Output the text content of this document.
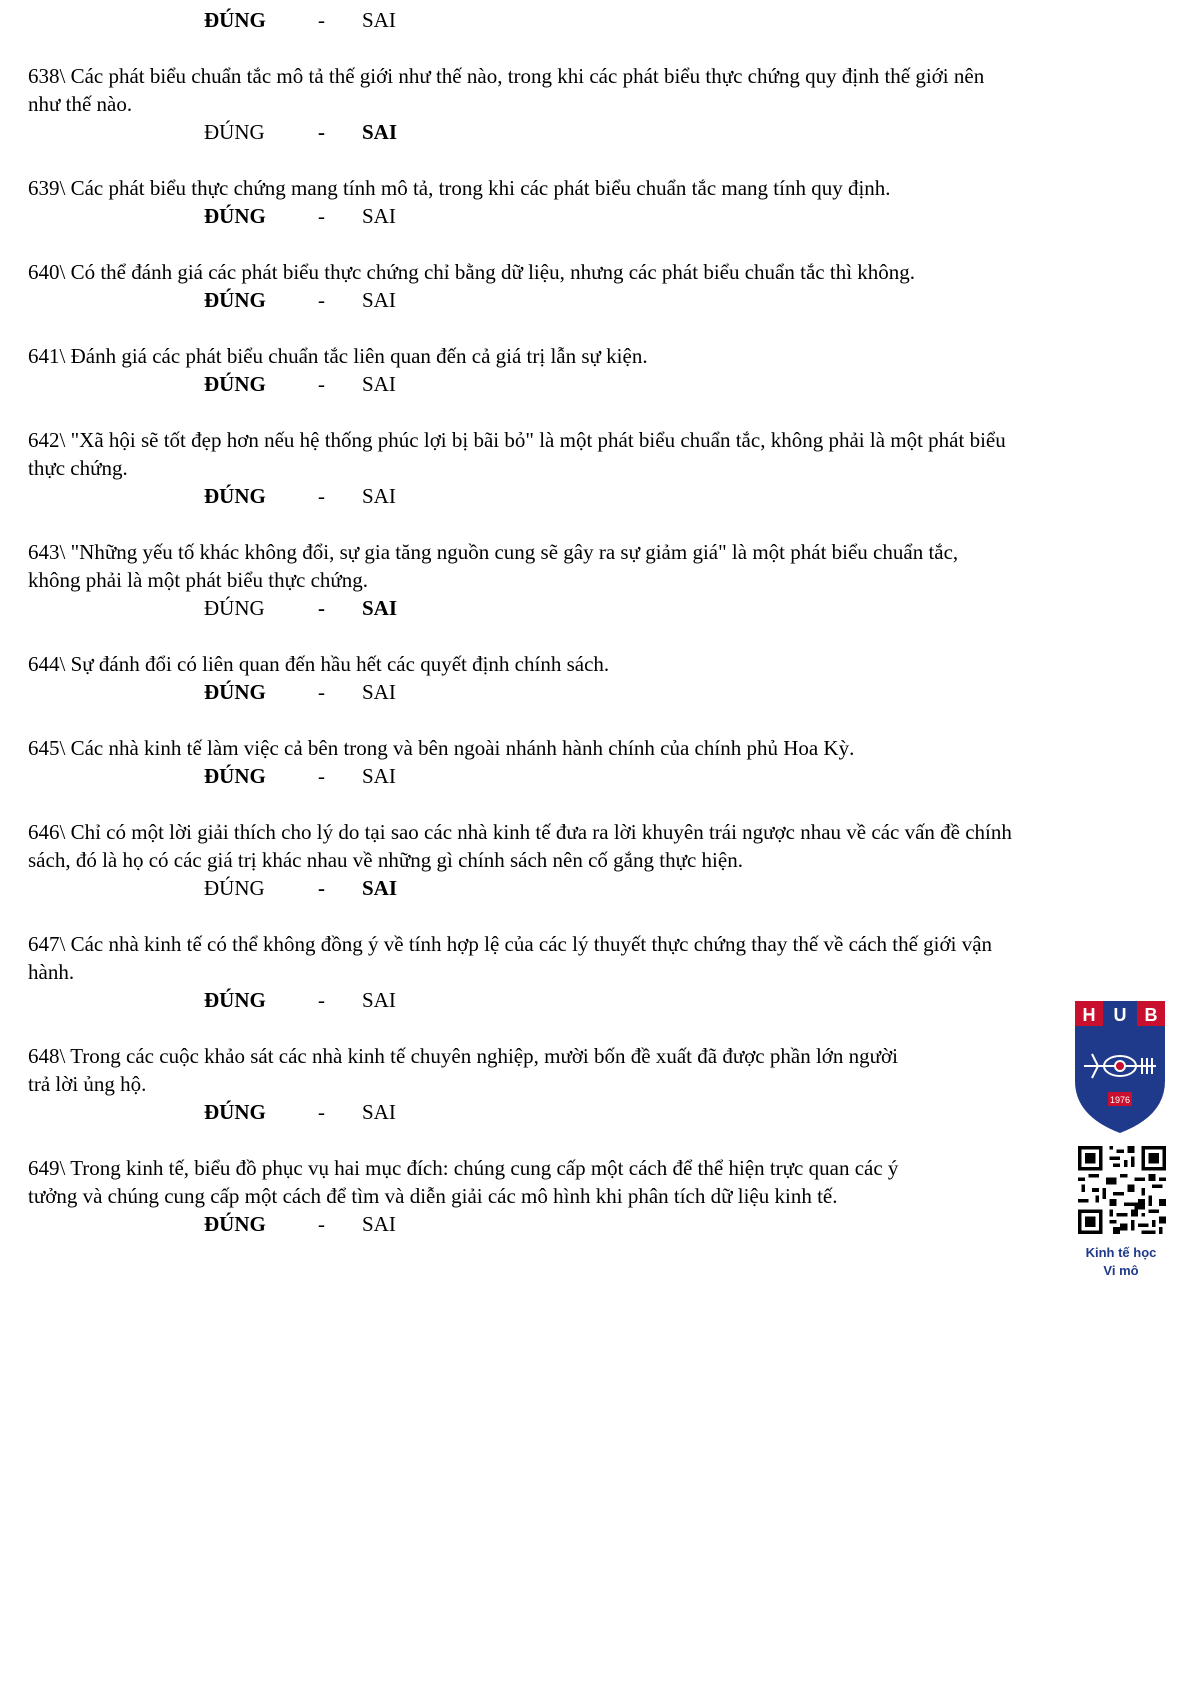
ĐÚNG - SAI
638\ Các phát biểu chuẩn tắc mô tả thế giới như thế nào, trong khi các phát biểu thực chứng quy định thế giới nên
như thế nào.
ĐÚNG	- SAI
639\ Các phát biểu thực chứng mang tính mô tả, trong khi các phát biểu chuẩn tắc mang tính quy định.
ĐÚNG - SAI
640\ Có thể đánh giá các phát biểu thực chứng chỉ bằng dữ liệu, nhưng các phát biểu chuẩn tắc thì không.
ĐÚNG - SAI
641\ Đánh giá các phát biểu chuẩn tắc liên quan đến cả giá trị lẫn sự kiện.
ĐÚNG - SAI
642\ "Xã hội sẽ tốt đẹp hơn nếu hệ thống phúc lợi bị bãi bỏ" là một phát biểu chuẩn tắc, không phải là một phát biểu
thực chứng.
ĐÚNG - SAI
643\ "Những yếu tố khác không đổi, sự gia tăng nguồn cung sẽ gây ra sự giảm giá" là một phát biểu chuẩn tắc,
không phải là một phát biểu thực chứng.
ĐÚNG	- SAI
644\ Sự đánh đổi có liên quan đến hầu hết các quyết định chính sách.
ĐÚNG - SAI
645\ Các nhà kinh tế làm việc cả bên trong và bên ngoài nhánh hành chính của chính phủ Hoa Kỳ.
ĐÚNG - SAI
646\ Chỉ có một lời giải thích cho lý do tại sao các nhà kinh tế đưa ra lời khuyên trái ngược nhau về các vấn đề chính
sách, đó là họ có các giá trị khác nhau về những gì chính sách nên cố gắng thực hiện.
ĐÚNG	- SAI
647\ Các nhà kinh tế có thể không đồng ý về tính hợp lệ của các lý thuyết thực chứng thay thế về cách thế giới vận
hành.
ĐÚNG - SAI
648\ Trong các cuộc khảo sát các nhà kinh tế chuyên nghiệp, mười bốn đề xuất đã được phần lớn người
trả lời ủng hộ.
ĐÚNG - SAI
649\ Trong kinh tế, biểu đồ phục vụ hai mục đích: chúng cung cấp một cách để thể hiện trực quan các ý
tưởng và chúng cung cấp một cách để tìm và diễn giải các mô hình khi phân tích dữ liệu kinh tế.
ĐÚNG - SAI
H U B
1976
Kinh tế học
Vi mô
